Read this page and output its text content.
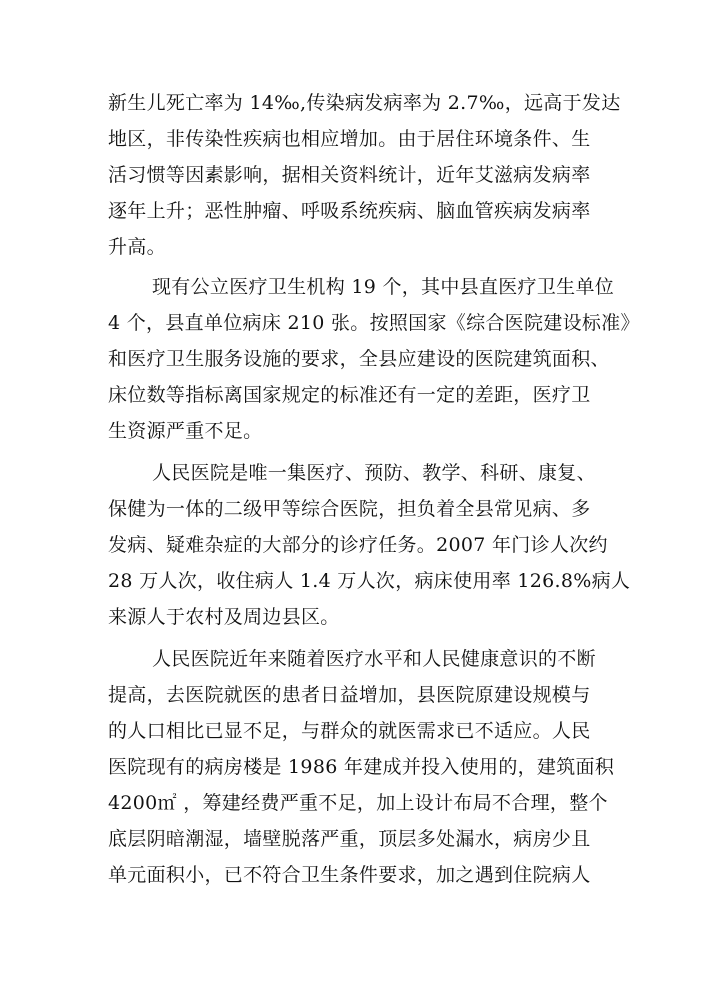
新生儿死亡率为 14‰,传染病发病率为 2.7‰，远高于发达
地区，非传染性疾病也相应增加。由于居住环境条件、生
活习惯等因素影响，据相关资料统计，近年艾滋病发病率
逐年上升；恶性肿瘤、呼吸系统疾病、脑血管疾病发病率
升高。
现有公立医疗卫生机构 19 个，其中县直医疗卫生单位
4 个，县直单位病床 210 张。按照国家《综合医院建设标准》
和医疗卫生服务设施的要求，全县应建设的医院建筑面积、
床位数等指标离国家规定的标准还有一定的差距，医疗卫
生资源严重不足。
人民医院是唯一集医疗、预防、教学、科研、康复、
保健为一体的二级甲等综合医院，担负着全县常见病、多
发病、疑难杂症的大部分的诊疗任务。2007 年门诊人次约
28 万人次，收住病人 1.4 万人次，病床使用率 126.8%病人
来源人于农村及周边县区。
人民医院近年来随着医疗水平和人民健康意识的不断
提高，去医院就医的患者日益增加，县医院原建设规模与
的人口相比已显不足，与群众的就医需求已不适应。人民
医院现有的病房楼是 1986 年建成并投入使用的，建筑面积
4200㎡ ，筹建经费严重不足，加上设计布局不合理，整个
底层阴暗潮湿，墙壁脱落严重，顶层多处漏水，病房少且
单元面积小，已不符合卫生条件要求，加之遇到住院病人
